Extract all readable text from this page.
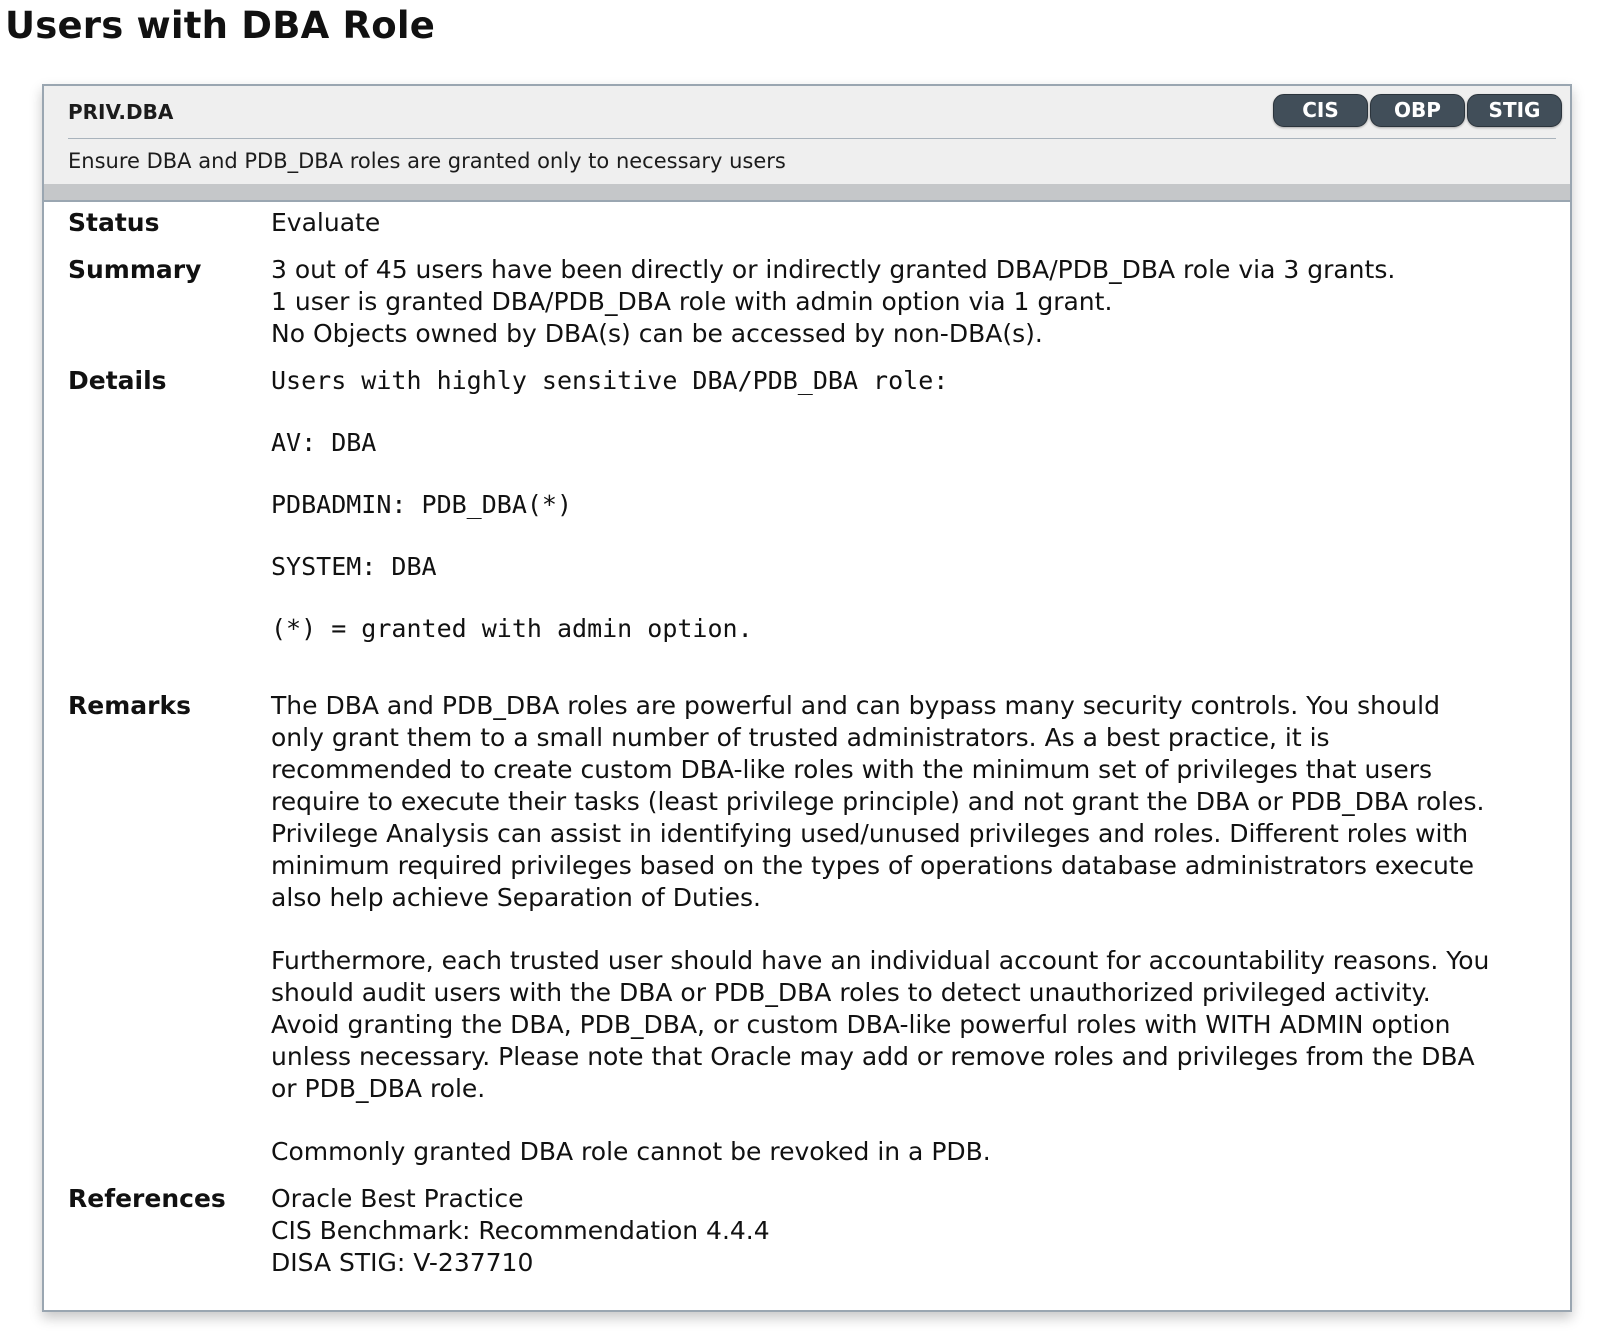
Users with DBA Role
PRIV.DBA	CIS	OBP	STIG
Ensure DBA and PDB_DBA roles are granted only to necessary users
Status	Evaluate
Summary	3 out of 45 users have been directly or indirectly granted DBA/PDB_DBA role via 3 grants.
1 user is granted DBA/PDB_DBA role with admin option via 1 grant.
No Objects owned by DBA(s) can be accessed by non-DBA(s).
Details

	Users with highly sensitive DBA/PDB_DBA role:

AV: DBA

PDBADMIN: PDB_DBA(*)

SYSTEM: DBA

(*) = granted with admin option.

Remarks	The DBA and PDB_DBA roles are powerful and can bypass many security controls. You should
only grant them to a small number of trusted administrators. As a best practice, it is
recommended to create custom DBA-like roles with the minimum set of privileges that users
require to execute their tasks (least privilege principle) and not grant the DBA or PDB_DBA roles.
Privilege Analysis can assist in identifying used/unused privileges and roles. Different roles with
minimum required privileges based on the types of operations database administrators execute
also help achieve Separation of Duties.
Furthermore, each trusted user should have an individual account for accountability reasons. You
should audit users with the DBA or PDB_DBA roles to detect unauthorized privileged activity.
Avoid granting the DBA, PDB_DBA, or custom DBA-like powerful roles with WITH ADMIN option
unless necessary. Please note that Oracle may add or remove roles and privileges from the DBA
or PDB_DBA role.
Commonly granted DBA role cannot be revoked in a PDB.
References	Oracle Best Practice
CIS Benchmark: Recommendation 4.4.4
DISA STIG: V-237710
